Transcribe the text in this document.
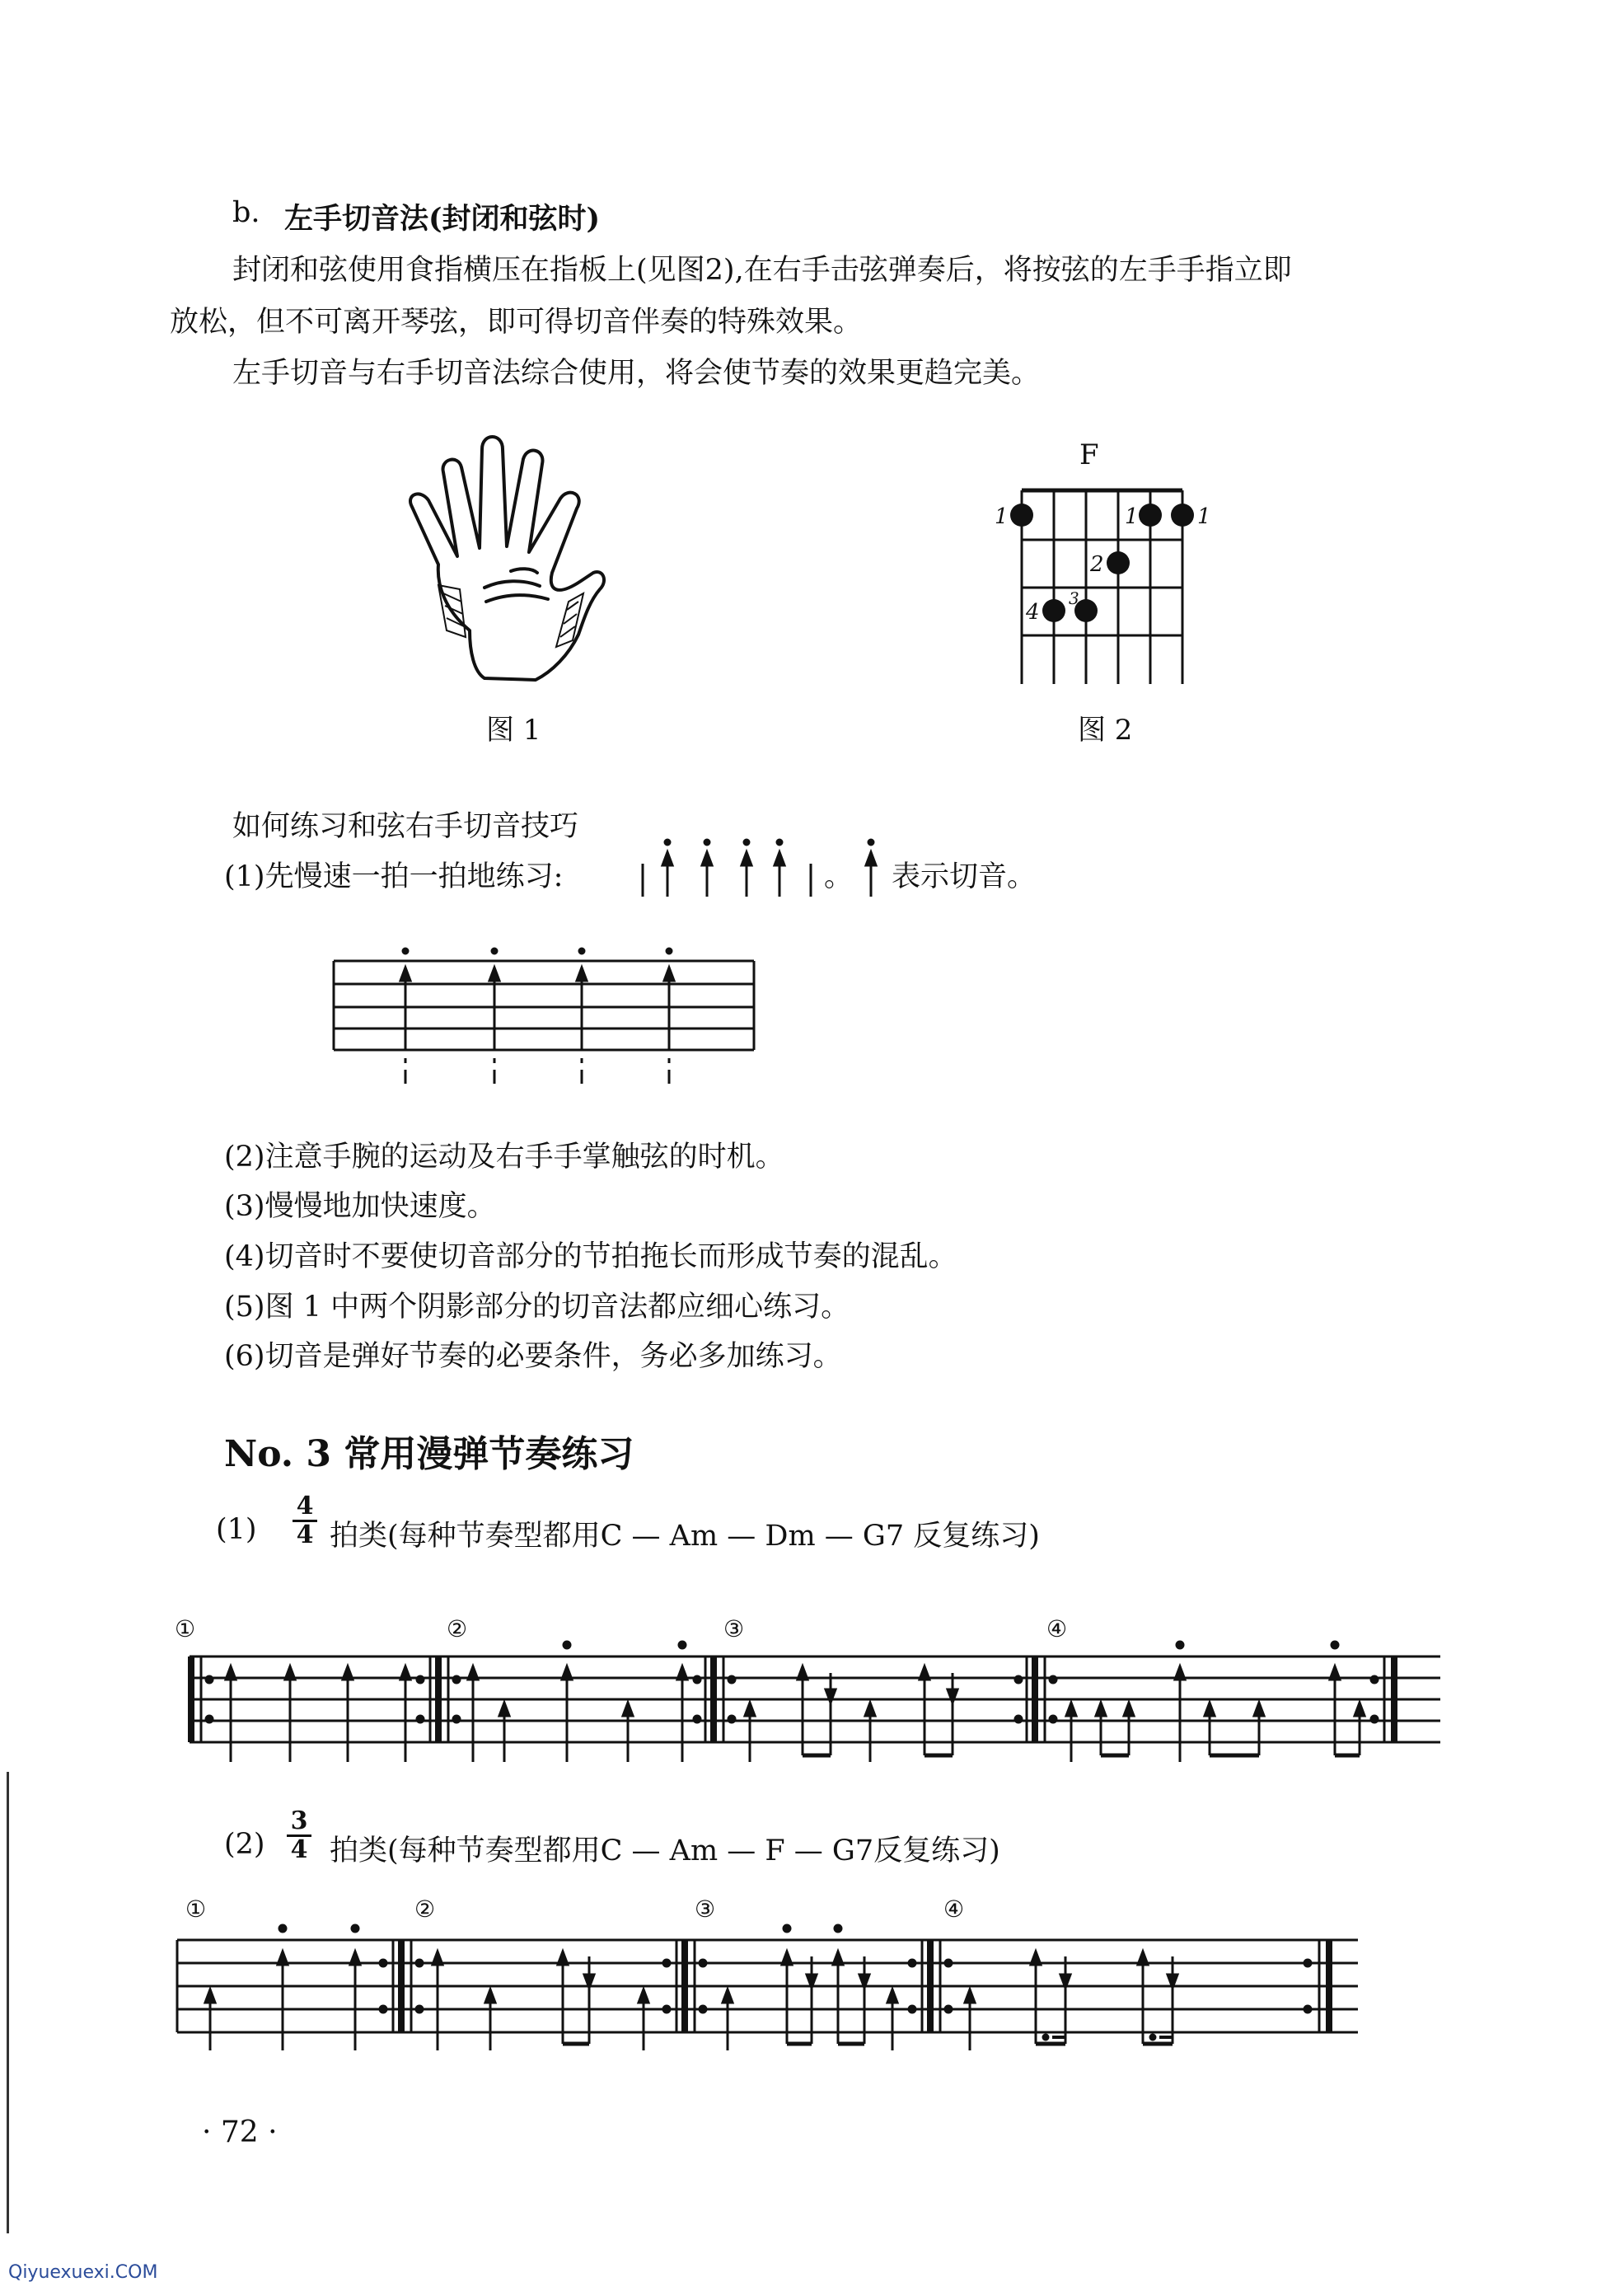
b. 左手切音法(封闭和弦时)
封闭和弦使用食指横压在指板上(见图2),在右手击弦弹奏后，将按弦的左手手指立即
放松，但不可离开琴弦，即可得切音伴奏的特殊效果。
左手切音与右手切音法综合使用，将会使节奏的效果更趋完美。
图 1
F
1	1	1
2
3
4
图 2
如何练习和弦右手切音技巧
(1)先慢速一拍一拍地练习:	。 表示切音。
(2)注意手腕的运动及右手手掌触弦的时机。
(3)慢慢地加快速度。
(4)切音时不要使切音部分的节拍拖长而形成节奏的混乱。
(5)图 1 中两个阴影部分的切音法都应细心练习。
(6)切音是弹好节奏的必要条件，务必多加练习。
No. 3 常用漫弹节奏练习
(1)
4
4 拍类(每种节奏型都用C — Am — Dm — G7 反复练习)
①	②	③	④
(2)
3
4 拍类(每种节奏型都用C — Am — F — G7反复练习)
①	②	③	④
· 72 ·
Qiyuexuexi.COM
